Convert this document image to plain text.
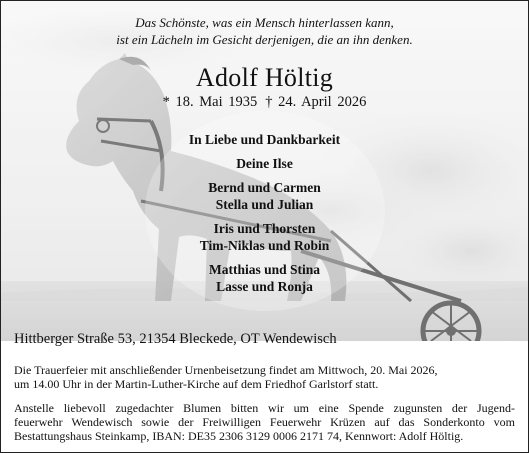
Das Schönste, was ein Mensch hinterlassen kann,
ist ein Lächeln im Gesicht derjenigen, die an ihn denken.

Adolf Höltig

* 18. Mai 1935 † 24. April 2026

In Liebe und Dankbarkeit

Deine Ilse

Bernd und Carmen
Stella und Julian

Iris und Thorsten
Tim-Niklas und Robin

Matthias und Stina
Lasse und Ronja

Hittberger Straße 53, 21354 Bleckede, OT Wendewisch

Die Trauerfeier mit anschließender Urnenbeisetzung findet am Mittwoch, 20. Mai 2026,
um 14.00 Uhr in der Martin-Luther-Kirche auf dem Friedhof Garlstorf statt.

Anstelle liebevoll zugedachter Blumen bitten wir um eine Spende zugunsten der Jugend-
feuerwehr Wendewisch sowie der Freiwilligen Feuerwehr Krüzen auf das Sonderkonto vom
Bestattungshaus Steinkamp, IBAN: DE35 2306 3129 0006 2171 74, Kennwort: Adolf Höltig.
